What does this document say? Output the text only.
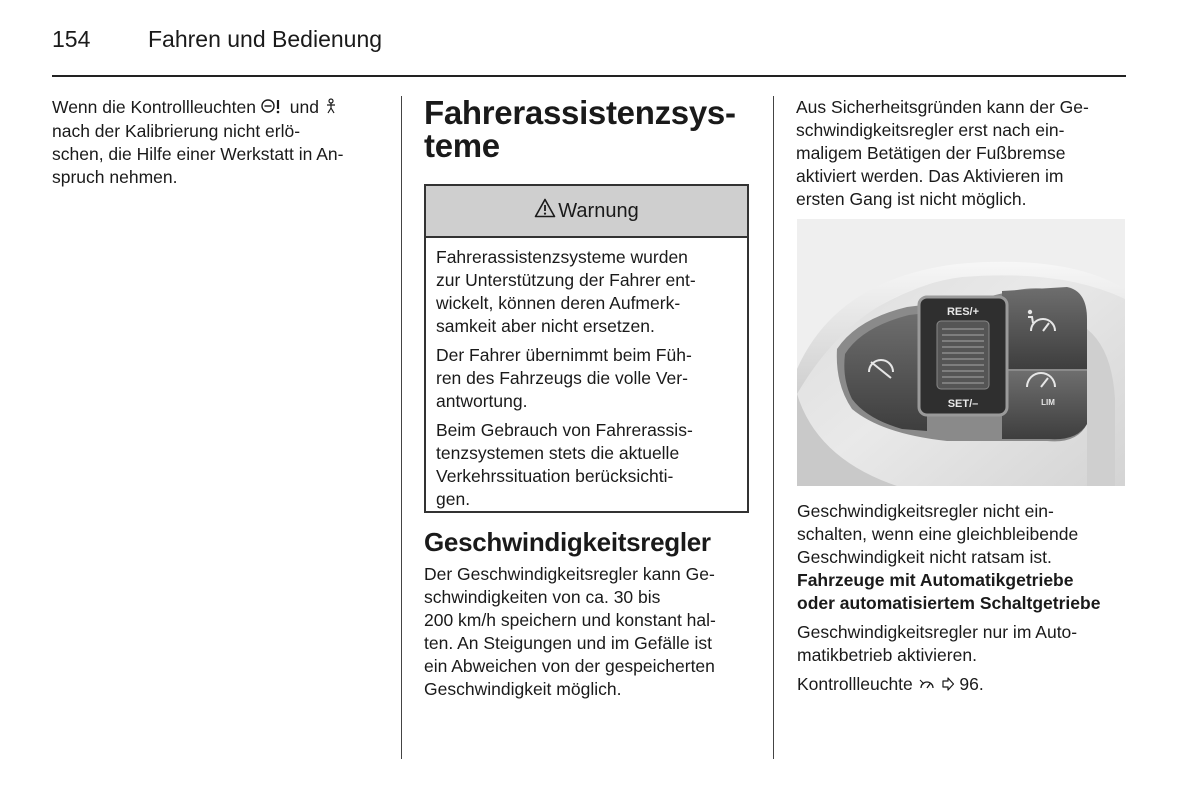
154	Fahren und Bedienung
Wenn die Kontrollleuchten und
nach der Kalibrierung nicht erlö-
schen, die Hilfe einer Werkstatt in An-
spruch nehmen.
Fahrerassistenzsys-
teme
Warnung

Fahrerassistenzsysteme wurden
zur Unterstützung der Fahrer ent-
wickelt, können deren Aufmerk-
samkeit aber nicht ersetzen.

Der Fahrer übernimmt beim Füh-
ren des Fahrzeugs die volle Ver-
antwortung.

Beim Gebrauch von Fahrerassis-
tenzsystemen stets die aktuelle
Verkehrssituation berücksichti-
gen.

Geschwindigkeitsregler
Der Geschwindigkeitsregler kann Ge-
schwindigkeiten von ca. 30 bis
200 km/h speichern und konstant hal-
ten. An Steigungen und im Gefälle ist
ein Abweichen von der gespeicherten
Geschwindigkeit möglich.
Aus Sicherheitsgründen kann der Ge-
schwindigkeitsregler erst nach ein-
maligem Betätigen der Fußbremse
aktiviert werden. Das Aktivieren im
ersten Gang ist nicht möglich.
RES/+
SET/–	LIM
Geschwindigkeitsregler nicht ein-
schalten, wenn eine gleichbleibende
Geschwindigkeit nicht ratsam ist.
Fahrzeuge mit Automatikgetriebe
oder automatisiertem Schaltgetriebe
Geschwindigkeitsregler nur im Auto-
matikbetrieb aktivieren.
Kontrollleuchte	96.
